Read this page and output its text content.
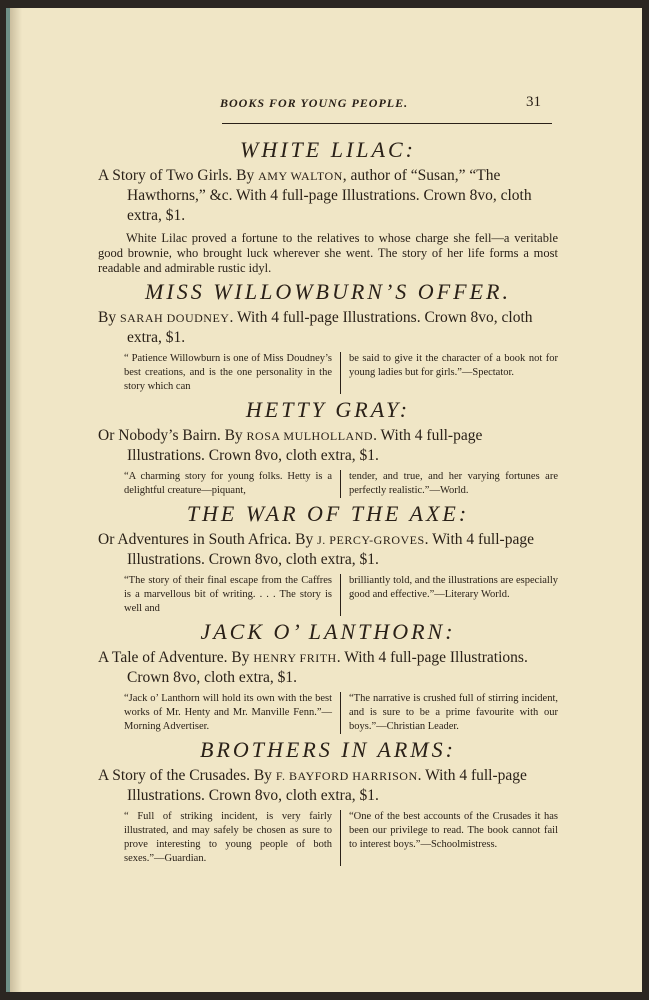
BOOKS FOR YOUNG PEOPLE.	31
WHITE LILAC:

A Story of Two Girls. By AMY WALTON, author of “Susan,” “The Hawthorns,” &c. With 4 full-page Illustrations. Crown 8vo, cloth extra, $1.

White Lilac proved a fortune to the relatives to whose charge she fell—a veritable good brownie, who brought luck wherever she went. The story of her life forms a most readable and admirable rustic idyl.

MISS WILLOWBURN’S OFFER.

By SARAH DOUDNEY. With 4 full-page Illustrations. Crown 8vo, cloth extra, $1.

“ Patience Willowburn is one of Miss Doudney’s best creations, and is the one personality in the story which can
be said to give it the character of a book not for young ladies but for girls.”—Spectator.
HETTY GRAY:

Or Nobody’s Bairn. By ROSA MULHOLLAND. With 4 full-page Illustrations. Crown 8vo, cloth extra, $1.

“A charming story for young folks. Hetty is a delightful creature—piquant,
tender, and true, and her varying fortunes are perfectly realistic.”—World.
THE WAR OF THE AXE:

Or Adventures in South Africa. By J. PERCY-GROVES. With 4 full-page Illustrations. Crown 8vo, cloth extra, $1.

“The story of their final escape from the Caffres is a marvellous bit of writing. . . . The story is well and
brilliantly told, and the illustrations are especially good and effective.”—Literary World.
JACK O’ LANTHORN:

A Tale of Adventure. By HENRY FRITH. With 4 full-page Illustrations. Crown 8vo, cloth extra, $1.

“Jack o’ Lanthorn will hold its own with the best works of Mr. Henty and Mr. Manville Fenn.”—Morning Advertiser.
“The narrative is crushed full of stirring incident, and is sure to be a prime favourite with our boys.”—Christian Leader.
BROTHERS IN ARMS:

A Story of the Crusades. By F. BAYFORD HARRISON. With 4 full-page Illustrations. Crown 8vo, cloth extra, $1.

“ Full of striking incident, is very fairly illustrated, and may safely be chosen as sure to prove interesting to young people of both sexes.”—Guardian.
“One of the best accounts of the Crusades it has been our privilege to read. The book cannot fail to interest boys.”—Schoolmistress.
